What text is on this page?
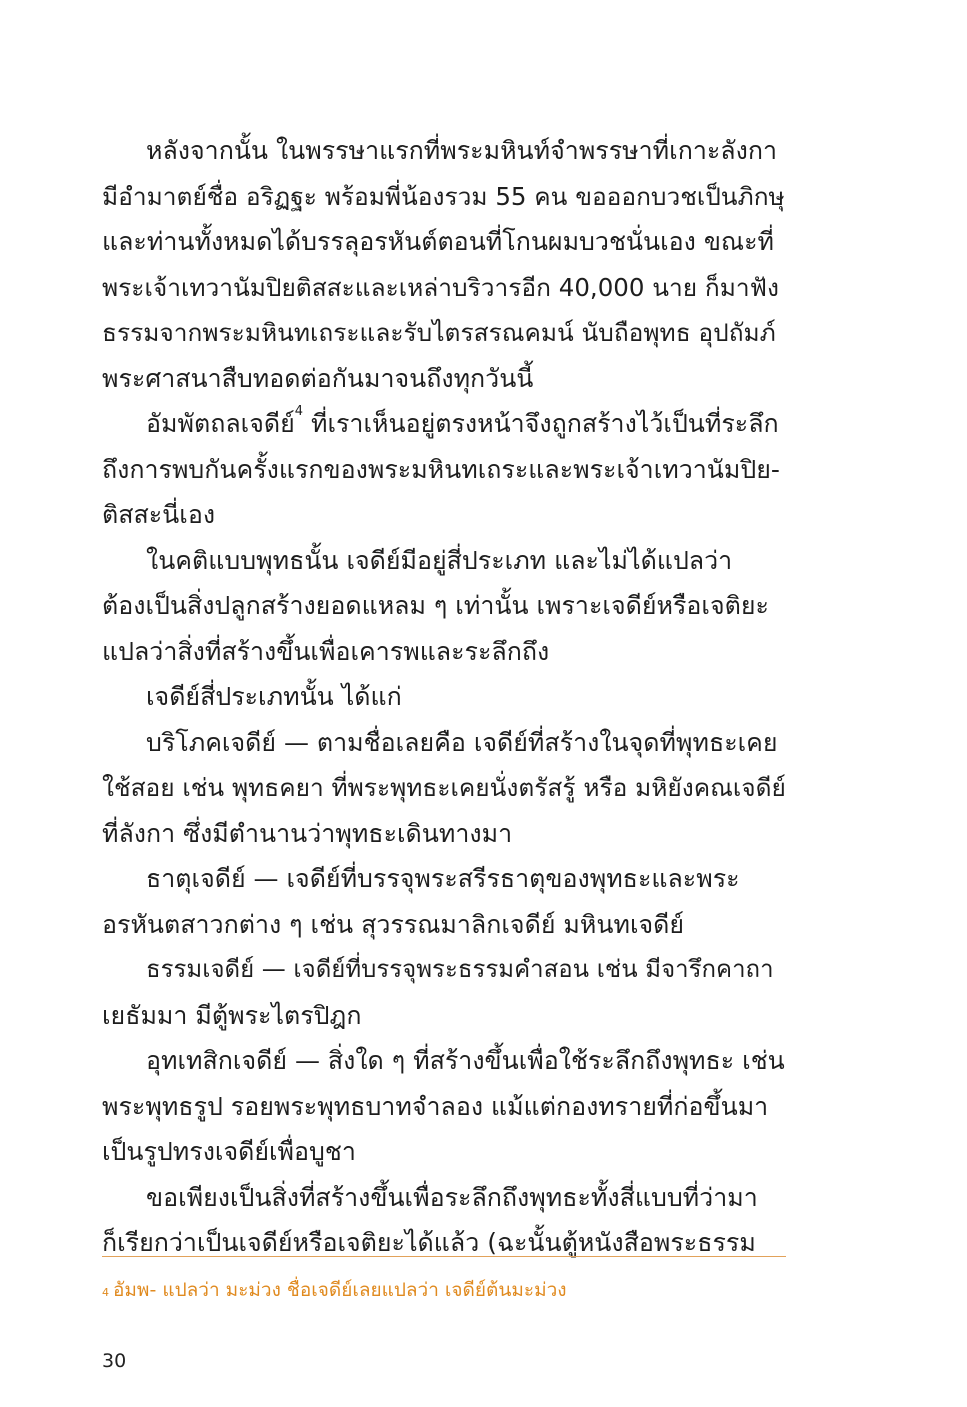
หลังจากนั้น ในพรรษาแรกที่พระมหินท์จำพรรษาที่เกาะลังกา
มีอำมาตย์ชื่อ อริฏฐะ พร้อมพี่น้องรวม 55 คน ขอออกบวชเป็นภิกษุ
และท่านทั้งหมดได้บรรลุอรหันต์ตอนที่โกนผมบวชนั่นเอง ขณะที่
พระเจ้าเทวานัมปิยติสสะและเหล่าบริวารอีก 40,000 นาย ก็มาฟัง
ธรรมจากพระมหินทเถระและรับไตรสรณคมน์ นับถือพุทธ อุปถัมภ์
พระศาสนาสืบทอดต่อกันมาจนถึงทุกวันนี้
อัมพัตถลเจดีย์$^4$ ที่เราเห็นอยู่ตรงหน้าจึงถูกสร้างไว้เป็นที่ระลึก
ถึงการพบกันครั้งแรกของพระมหินทเถระและพระเจ้าเทวานัมปิย-
ติสสะนี่เอง
ในคติแบบพุทธนั้น เจดีย์มีอยู่สี่ประเภท และไม่ได้แปลว่า
ต้องเป็นสิ่งปลูกสร้างยอดแหลม ๆ เท่านั้น เพราะเจดีย์หรือเจติยะ
แปลว่าสิ่งที่สร้างขึ้นเพื่อเคารพและระลึกถึง
เจดีย์สี่ประเภทนั้น ได้แก่
บริโภคเจดีย์ — ตามชื่อเลยคือ เจดีย์ที่สร้างในจุดที่พุทธะเคย
ใช้สอย เช่น พุทธคยา ที่พระพุทธะเคยนั่งตรัสรู้ หรือ มหิยังคณเจดีย์
ที่ลังกา ซึ่งมีตำนานว่าพุทธะเดินทางมา
ธาตุเจดีย์ — เจดีย์ที่บรรจุพระสรีรธาตุของพุทธะและพระ
อรหันตสาวกต่าง ๆ เช่น สุวรรณมาลิกเจดีย์ มหินทเจดีย์
ธรรมเจดีย์ — เจดีย์ที่บรรจุพระธรรมคำสอน เช่น มีจารึกคาถา
เยธัมมา มีตู้พระไตรปิฎก
อุทเทสิกเจดีย์ — สิ่งใด ๆ ที่สร้างขึ้นเพื่อใช้ระลึกถึงพุทธะ เช่น
พระพุทธรูป รอยพระพุทธบาทจำลอง แม้แต่กองทรายที่ก่อขึ้นมา
เป็นรูปทรงเจดีย์เพื่อบูชา
ขอเพียงเป็นสิ่งที่สร้างขึ้นเพื่อระลึกถึงพุทธะทั้งสี่แบบที่ว่ามา
ก็เรียกว่าเป็นเจดีย์หรือเจติยะได้แล้ว (ฉะนั้นตู้หนังสือพระธรรม
$^4$ อัมพ- แปลว่า มะม่วง ชื่อเจดีย์เลยแปลว่า เจดีย์ต้นมะม่วง
30
